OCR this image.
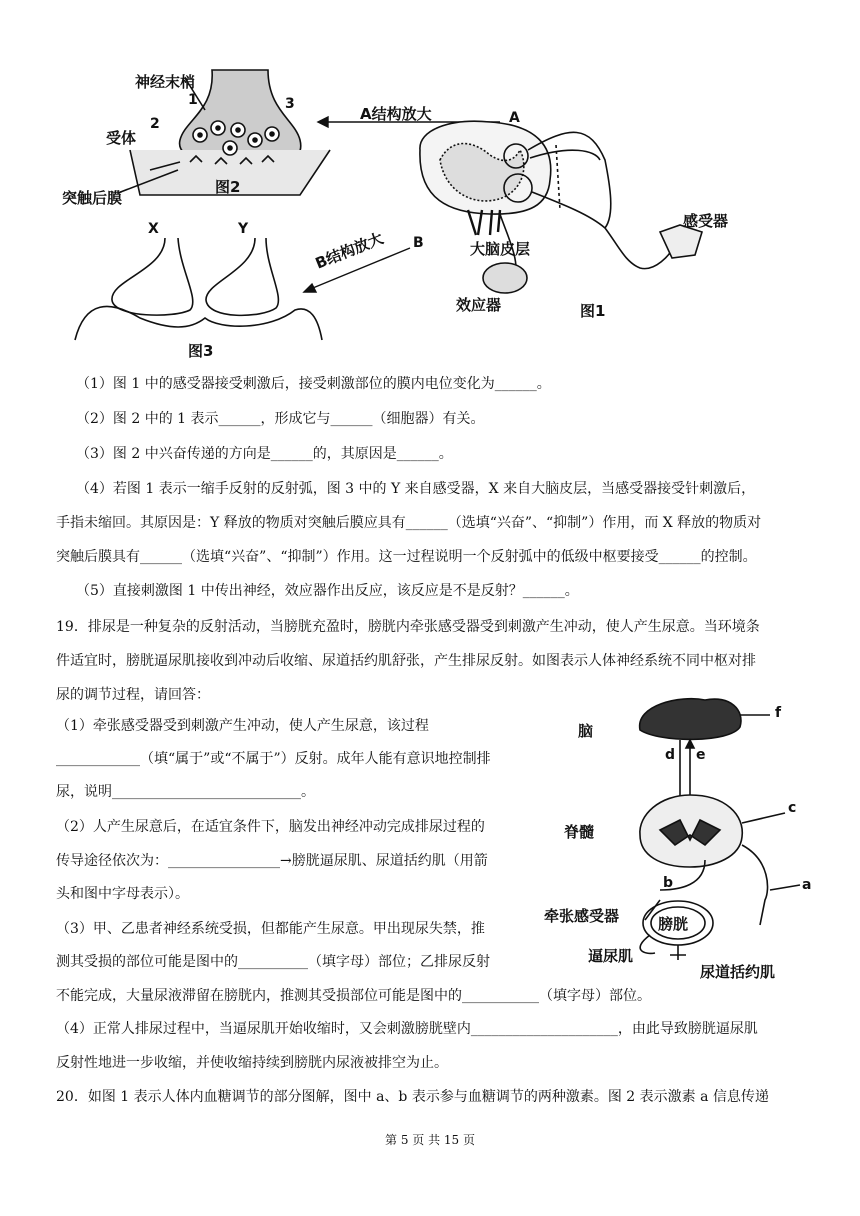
神经末梢
1	3
2
受体
图2
突触后膜
A结构放大	A
B	大脑皮层
感受器
效应器	图1
B结构放大
X	Y
图3
（1）图 1 中的感受器接受刺激后，接受刺激部位的膜内电位变化为______。
（2）图 2 中的 1 表示______，形成它与______（细胞器）有关。
（3）图 2 中兴奋传递的方向是______的，其原因是______。
（4）若图 1 表示一缩手反射的反射弧，图 3 中的 Y 来自感受器，X 来自大脑皮层，当感受器接受针刺激后，
手指未缩回。其原因是：Y 释放的物质对突触后膜应具有______（选填“兴奋”、“抑制”）作用，而 X 释放的物质对
突触后膜具有______（选填“兴奋”、“抑制”）作用。这一过程说明一个反射弧中的低级中枢要接受______的控制。
（5）直接刺激图 1 中传出神经，效应器作出反应，该反应是不是反射？______。
19．排尿是一种复杂的反射活动，当膀胱充盈时，膀胱内牵张感受器受到刺激产生冲动，使人产生尿意。当环境条
件适宜时，膀胱逼尿肌接收到冲动后收缩、尿道括约肌舒张，产生排尿反射。如图表示人体神经系统不同中枢对排
尿的调节过程，请回答：
（1）牵张感受器受到刺激产生冲动，使人产生尿意，该过程
____________（填“属于”或“不属于”）反射。成年人能有意识地控制排
尿，说明___________________________。
（2）人产生尿意后，在适宜条件下，脑发出神经冲动完成排尿过程的
传导途径依次为：________________→膀胱逼尿肌、尿道括约肌（用箭
头和图中字母表示）。
（3）甲、乙患者神经系统受损，但都能产生尿意。甲出现尿失禁，推
测其受损的部位可能是图中的__________（填字母）部位；乙排尿反射
不能完成，大量尿液滞留在膀胱内，推测其受损部位可能是图中的___________（填字母）部位。
（4）正常人排尿过程中，当逼尿肌开始收缩时，又会刺激膀胱壁内_____________________，由此导致膀胱逼尿肌
反射性地进一步收缩，并使收缩持续到膀胱内尿液被排空为止。
20．如图 1 表示人体内血糖调节的部分图解，图中 a、b 表示参与血糖调节的两种激素。图 2 表示激素 a 信息传递
脑
f
d e
c
脊髓
b	a
牵张感受器	膀胱
逼尿肌
尿道括约肌
第 5 页 共 15 页
